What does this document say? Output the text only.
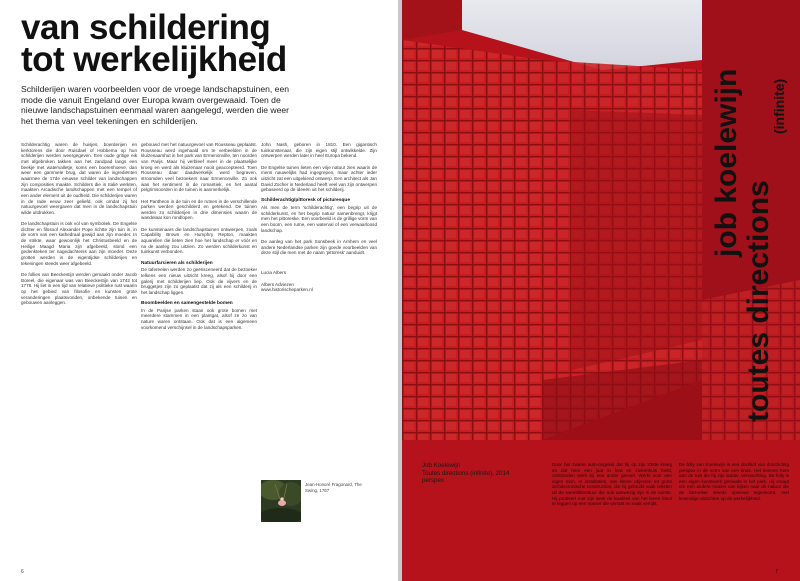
van schildering
tot werkelijkheid

Schilderijen waren voorbeelden voor de vroege landschapstuinen, een mode die vanuit Engeland over Europa kwam overgewaaid. Toen de nieuwe landschapstuinen eenmaal waren aangelegd, werden die weer het thema van veel tekeningen en schilderijen.

Schilderachtig waren de huisjes, boerderijen en kerktorens die door Ruisdael of Hobbema op hun schilderijen werden weergegeven. Een oude gritige eik met afgebroken takken aan het zandpad langs een beekje met watervalletje, soms een boerenhoeve, dan weer een gammele brug, dat waren de ingrediënten waarmee de 17de eeuwse schilder van landschappen zijn composities maakte. Schilders die in Italië werkten, maakten Arcadische landschappen met een tempel of een ander element uit de oudheid. Die schilderijen waren in de rade eeuw zeer geliefd, ook omdat zij het natuurgevoel weergaven dat men in de landschapstuin wilde uitdrukken.

De landschapstuin is ook vol van symboliek. De Engelse dichter en filosoof Alexander Pope richtte zijn tuin in, in de vorm van een kathedraal gewijd aan zijn moeder. In de strikte, waar gewoonlijk het Christusbeeld en de Heilige Maagd Maria zijn afgebeeld, stond een gedenkteken ter nagedachtenis aan zijn moeder. Deze grotten werden in de eigentijdse schilderijen en tekeningen steeds weer afgebeeld.

De follies van Beeckestijn werden gemaakt onder Jacob Boreel, die eigenaar was van Beeckestijn van 1742 tot 1778. Hij liet in een tijd van relatieve politieke rust waarin op het gebied van filosofie en kunsten grote veranderingen plaatsvonden, onbekende tuinen en gebouwen aanleggen.

gebouwd met het natuurgevoel van Rousseau geplaatst. Rousseau werd ingehaald om te verbeelden in de kluizenaarshut in het park van Ermenonville, ten noorden van Parijs. Maar hij verbleef meer in de plaatselijke kroeg en werd als kluizenaar nooit geaccepteerd. Toen Rousseau daar daadwerkelijk werd begraven, stroomden veel bezoekers naar Ermenonville. Zo ook was het sentiment in de romantiek, en het aantal pelgrimsoorden in de tuinen is aanmerkelijk.

Het Pantheon in de tuin en de ruïnes in de verschillende parken werden geschilderd en getekend. De tuinen werden zo schilderijen in drie dimensies waarin de wandelaar kon rondlopen.

De kunstenaars die landschapstuinen ontwierpen, zoals Capability Brown en Humphry Repton, maakten aquarellen die lieten zien hoe het landschap er vóór en na de aanleg zou uitzien. Zo werden schilderkunst en tuinkunst verbonden.

Natuurfarcieren als schilderijen

De tafereelen werden zo geënsceneerd dat de bezoeker telkens een nieuw uitzicht kreeg, alsof hij door een galerij met schilderijen liep. Ook de vijvers en de bruggetjes zijn zo geplaatst dat zij als een schilderij in het landschap liggen.

Boombeelden en samengestelde bomen

In de Parijse parken staan ook grote bomen met meerdere stammen in een plantgat, alsof ze zo van nature waren ontstaan. Ook dat is een algemeen voorkomend verschijnsel in de landschapsparken.

John Nash, geboren in 1810. Een gigantisch tuinkunstenaar, die zijn eigen stijl ontwikkelde. Zijn ontwerpen werden later in heel Europa bekend.

De Engelse tuinen lieten een vrije natuur zien waarin de mens nauwelijks had ingegrepen, maar achter ieder uitzicht zat een uitgekiend ontwerp. Een architect als Jan David Zocher in Nederland heeft veel van zijn ontwerpen gebaseerd op de ideeën uit het schilderij.

Schilderachtig/pittoresk of picturesque

Als men de term 'schilderachtig', een begrip uit de schilderkunst, en het begrip natuur samenbrengt, krijgt men het pittoreske. Een voorbeeld is de grillige vorm van een boom, een ruïne, een waterval of een verwaarloosd landschap.

De aanleg van het park Sonsbeek in Arnhem en veel andere Nederlandse parken zijn goede voorbeelden van deze stijl die men met de naam 'pittoresk' aanduidt.

Lucia Albers

Albers Adviezen

www.historischeparken.nl

Jean-Honoré Fragonard, The Swing, 1767
6
job koelewijn
toutes directions
(infinite)
Job Koelewijn
Toutes directions (infinite), 2014
perspex
Door het zwarte auto-ongeluk dat hij op zijn 23ste kreeg en dat hem een jaar in bed en ziekenhuis hield, ontstonden werk bij een ander gevoel. Werkt voor een eigen toon. In installaties, van kleine objecten tot grote architectonische constructies, die hij gebruikt vaak teksten uit de wereldliteratuur die ook aanwezig zijn in de ruimte. Hij probeert met zijn werk de kwaliteit van het leven bloot te leggen op een manier die verrast en vaak verrijkt.
De folly van Koelewijn is een doolhof van doorzichtig perspex in de vorm van een kruis. Het kennen hem aan de tuin die hij zijn ladder, verwachting. De folly is een eigen kunstwerk gemaakt in het park. Hij vraagt om een andere manier van kijken naar de natuur die de bezoeker steeds opnieuw tegenkomt, met levendige uitzichten op de werkelijkheid.
7
